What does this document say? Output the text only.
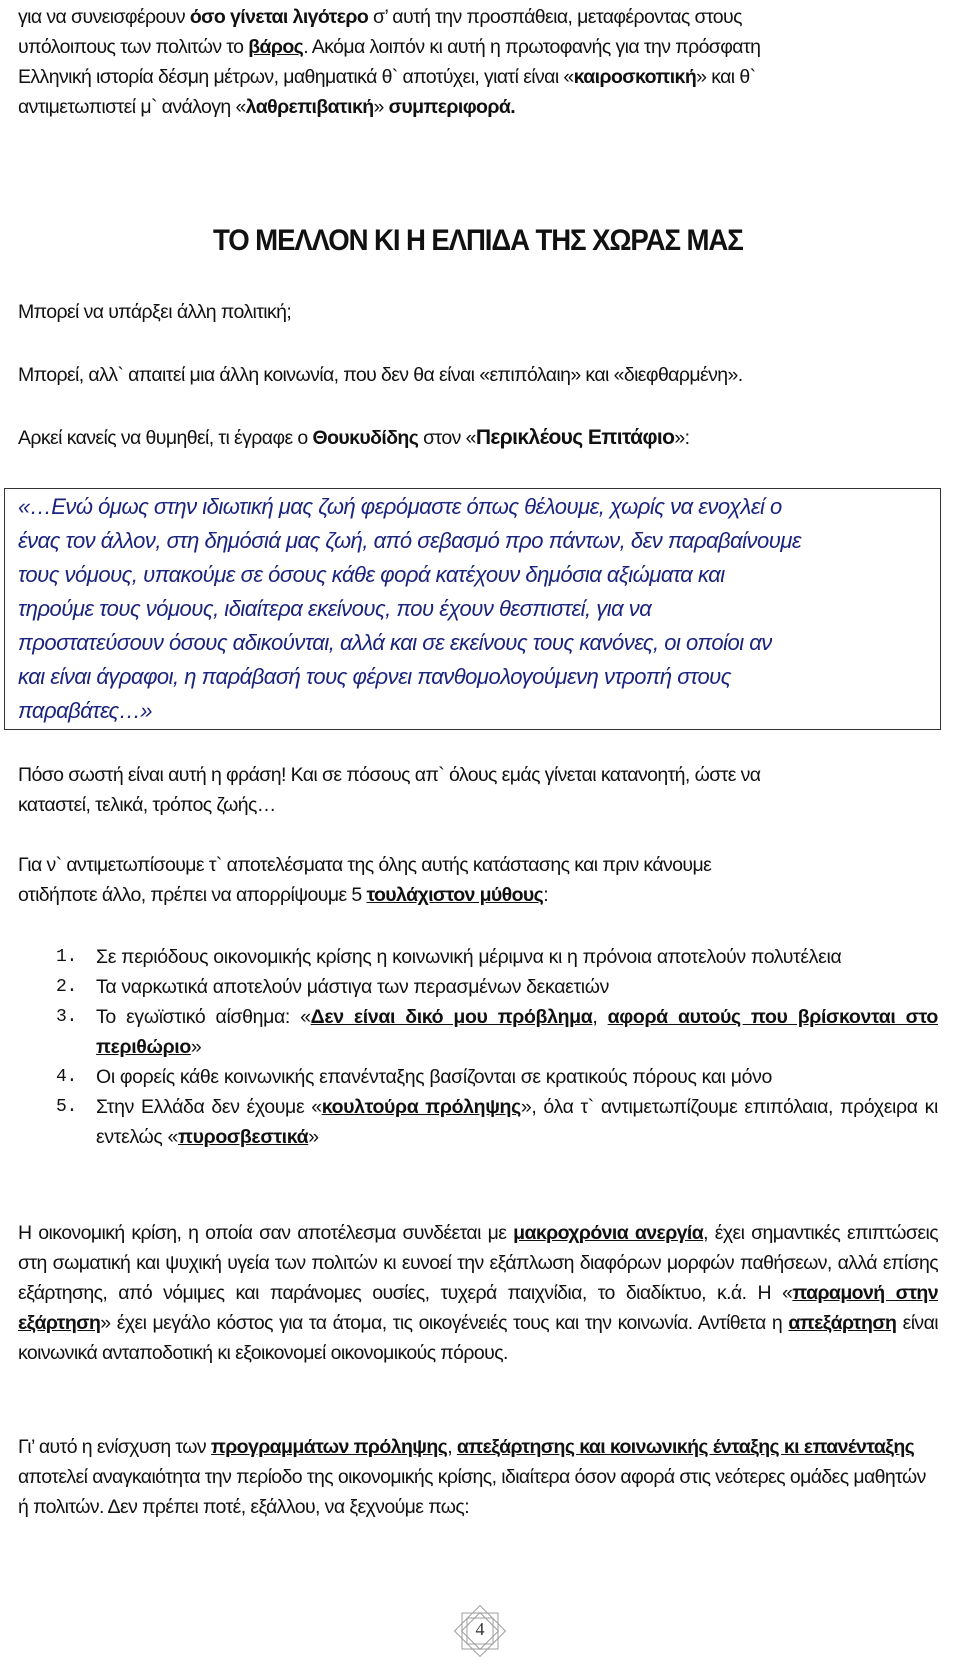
για να συνεισφέρουν όσο γίνεται λιγότερο σ’ αυτή την προσπάθεια, μεταφέροντας στους
υπόλοιπους των πολιτών το βάρος. Ακόμα λοιπόν κι αυτή η πρωτοφανής για την πρόσφατη
Ελληνική ιστορία δέσμη μέτρων, μαθηματικά θ` αποτύχει, γιατί είναι «καιροσκοπική» και θ`
αντιμετωπιστεί μ` ανάλογη «λαθρεπιβατική» συμπεριφορά.
ΤΟ ΜΕΛΛΟΝ ΚΙ Η ΕΛΠΙΔΑ ΤΗΣ ΧΩΡΑΣ ΜΑΣ

Μπορεί να υπάρξει άλλη πολιτική;

Μπορεί, αλλ` απαιτεί μια άλλη κοινωνία, που δεν θα είναι «επιπόλαιη» και «διεφθαρμένη».

Αρκεί κανείς να θυμηθεί, τι έγραφε ο Θουκυδίδης στον «Περικλέους Επιτάφιο»:

«…Ενώ όμως στην ιδιωτική μας ζωή φερόμαστε όπως θέλουμε, χωρίς να ενοχλεί ο
ένας τον άλλον, στη δημόσιά μας ζωή, από σεβασμό προ πάντων, δεν παραβαίνουμε
τους νόμους, υπακούμε σε όσους κάθε φορά κατέχουν δημόσια αξιώματα και
τηρούμε τους νόμους, ιδιαίτερα εκείνους, που έχουν θεσπιστεί, για να
προστατεύσουν όσους αδικούνται, αλλά και σε εκείνους τους κανόνες, οι οποίοι αν
και είναι άγραφοι, η παράβασή τους φέρνει πανθομολογούμενη ντροπή στους
παραβάτες…»
Πόσο σωστή είναι αυτή η φράση! Και σε πόσους απ` όλους εμάς γίνεται κατανοητή, ώστε να
καταστεί, τελικά, τρόπος ζωής…
Για ν` αντιμετωπίσουμε τ` αποτελέσματα της όλης αυτής κατάστασης και πριν κάνουμε
οτιδήποτε άλλο, πρέπει να απορρίψουμε 5 τουλάχιστον μύθους:
1. Σε περιόδους οικονομικής κρίσης η κοινωνική μέριμνα κι η πρόνοια αποτελούν πολυτέλεια
2. Τα ναρκωτικά αποτελούν μάστιγα των περασμένων δεκαετιών
3. Το εγωϊστικό αίσθημα: «Δεν είναι δικό μου πρόβλημα, αφορά αυτούς που βρίσκονται στο περιθώριο»
4. Οι φορείς κάθε κοινωνικής επανένταξης βασίζονται σε κρατικούς πόρους και μόνο
5. Στην Ελλάδα δεν έχουμε «κουλτούρα πρόληψης», όλα τ` αντιμετωπίζουμε επιπόλαια, πρόχειρα κι εντελώς «πυροσβεστικά»

Η οικονομική κρίση, η οποία σαν αποτέλεσμα συνδέεται με μακροχρόνια ανεργία, έχει σημαντικές επιπτώσεις στη σωματική και ψυχική υγεία των πολιτών κι ευνοεί την εξάπλωση διαφόρων μορφών παθήσεων, αλλά επίσης εξάρτησης, από νόμιμες και παράνομες ουσίες, τυχερά παιχνίδια, το διαδίκτυο, κ.ά. Η «παραμονή στην εξάρτηση» έχει μεγάλο κόστος για τα άτομα, τις οικογένειές τους και την κοινωνία. Αντίθετα η απεξάρτηση είναι κοινωνικά ανταποδοτική κι εξοικονομεί οικονομικούς πόρους.

Γι’ αυτό η ενίσχυση των προγραμμάτων πρόληψης, απεξάρτησης και κοινωνικής ένταξης κι επανένταξης αποτελεί αναγκαιότητα την περίοδο της οικονομικής κρίσης, ιδιαίτερα όσον αφορά στις νεότερες ομάδες μαθητών ή πολιτών. Δεν πρέπει ποτέ, εξάλλου, να ξεχνούμε πως:

4
